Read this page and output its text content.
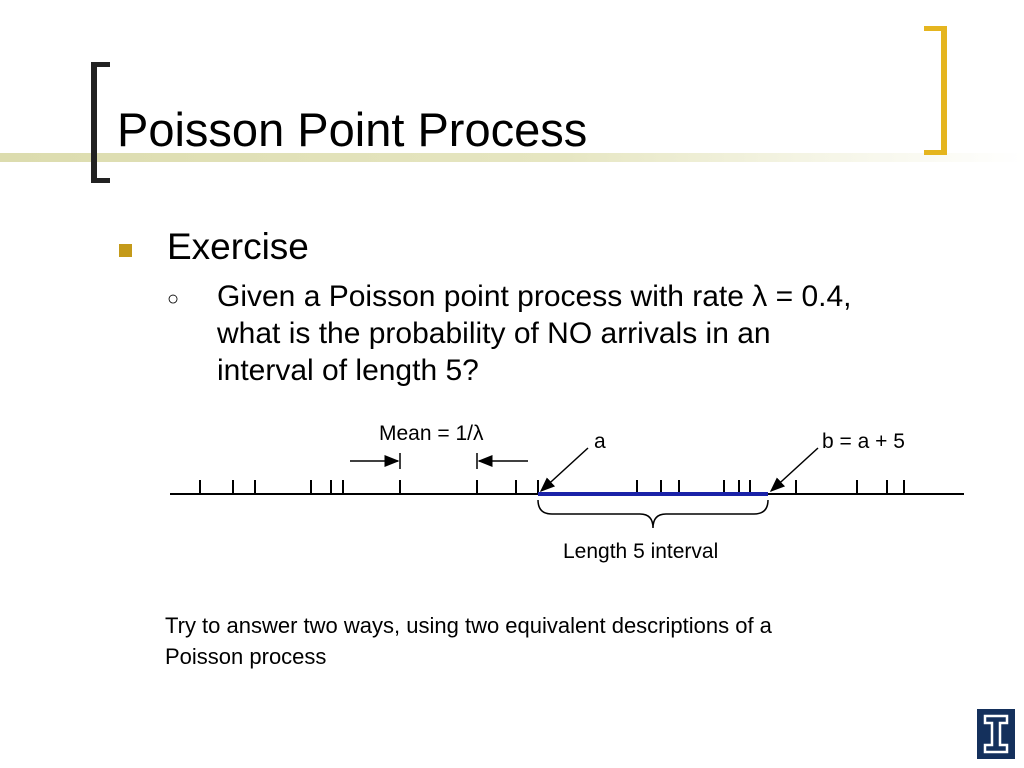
Poisson Point Process
Exercise
○ Given a Poisson point process with rate λ = 0.4,
what is the probability of NO arrivals in an
interval of length 5?
Mean = 1/λ	a	b = a + 5
Length 5 interval
Try to answer two ways, using two equivalent descriptions of a
Poisson process
